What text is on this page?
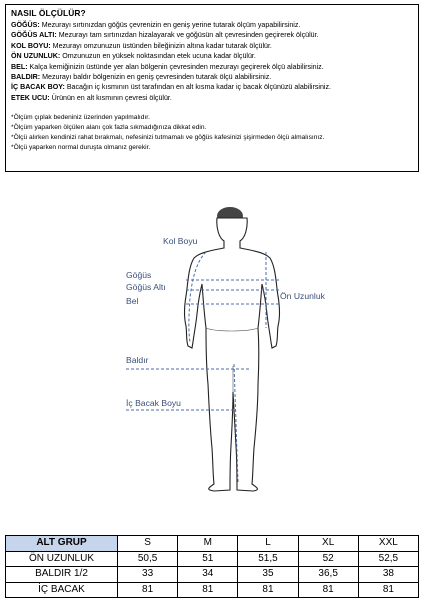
NASIL ÖLÇÜLÜR?
GÖĞÜS: Mezurayı sırtınızdan göğüs çevrenizin en geniş yerine tutarak ölçüm yapabilirsiniz.
GÖĞÜS ALTI: Mezurayı tam sırtınızdan hizalayarak ve göğüsün alt çevresinden geçirerek ölçülür.
KOL BOYU: Mezurayı omzunuzun üstünden bileğinizin altına kadar tutarak ölçülür.
ÖN UZUNLUK: Omzunuzun en yüksek noktasından etek ucuna kadar ölçülür.
BEL: Kalça kemiğinizin üstünde yer alan bölgenin çevresinden mezurayı geçirerek ölçü alabilirsiniz.
BALDIR: Mezurayı baldır bölgenizin en geniş çevresinden tutarak ölçü alabilirsiniz.
İÇ BACAK BOY: Bacağın iç kısmının üst tarafından en alt kısma kadar iç bacak ölçünüzü alabilirsiniz.
ETEK UCU: Ürünün en alt kısmının çevresi ölçülür.
*Ölçüm çıplak bedeniniz üzerinden yapılmalıdır.
*Ölçüm yaparken ölçülen alanı çok fazla sıkmadığınıza dikkat edin.
*Ölçü alırken kendinizi rahat bırakmalı, nefesinizi tutmamalı ve göğüs kafesinizi şişirmeden ölçü almalısınız.
*Ölçü yaparken normal duruşta olmanız gerekir.
Kol Boyu
Göğüs
Göğüs Altı
Bel	Ön Uzunluk
Baldır
İç Bacak Boyu
ALT GRUP	S	M	L	XL	XXL
ÖN UZUNLUK	50,5	51	51,5	52	52,5
BALDIR 1/2	33	34	35	36,5	38
İÇ BACAK	81	81	81	81	81
